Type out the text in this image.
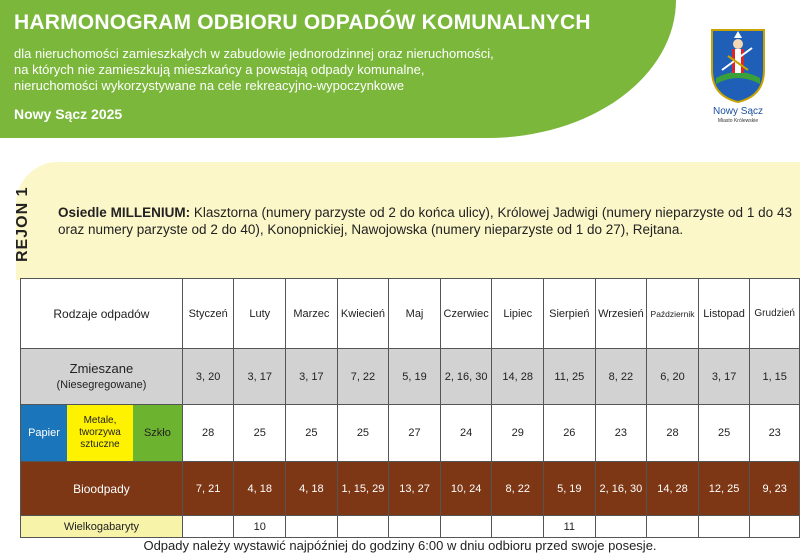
HARMONOGRAM ODBIORU ODPADÓW KOMUNALNYCH
dla nieruchomości zamieszkałych w zabudowie jednorodzinnej oraz nieruchomości,
na których nie zamieszkują mieszkańcy a powstają odpady komunalne,
nieruchomości wykorzystywane na cele rekreacyjno-wypoczynkowe
Nowy Sącz 2025	Nowy Sącz
Miasto Królewskie
REJON 1 Osiedle MILLENIUM: Klasztorna (numery parzyste od 2 do końca ulicy), Królowej Jadwigi (numery nieparzyste od 1 do 43 oraz numery parzyste od 2 do 40), Konopnickiej, Nawojowska (numery nieparzyste od 1 do 27), Rejtana.
Rodzaje odpadów	Styczeń	Luty	Marzec	Kwiecień	Maj	Czerwiec	Lipiec	Sierpień	Wrzesień	Październik	Listopad	Grudzień

Zmieszane
(Niesegregowane)	3, 20	3, 17	3, 17	7, 22	5, 19	2, 16, 30	14, 28	11, 25	8, 22	6, 20	3, 17	1, 15

Papier
Metale, tworzywa sztuczne
Szkło	28	25	25	25	27	24	29	26	23	28	25	23
Bioodpady	7, 21	4, 18	4, 18	1, 15, 29	13, 27	10, 24	8, 22	5, 19	2, 16, 30	14, 28	12, 25	9, 23
Wielkogabaryty		10						11				
Odpady należy wystawić najpóźniej do godziny 6:00 w dniu odbioru przed swoje posesje.
